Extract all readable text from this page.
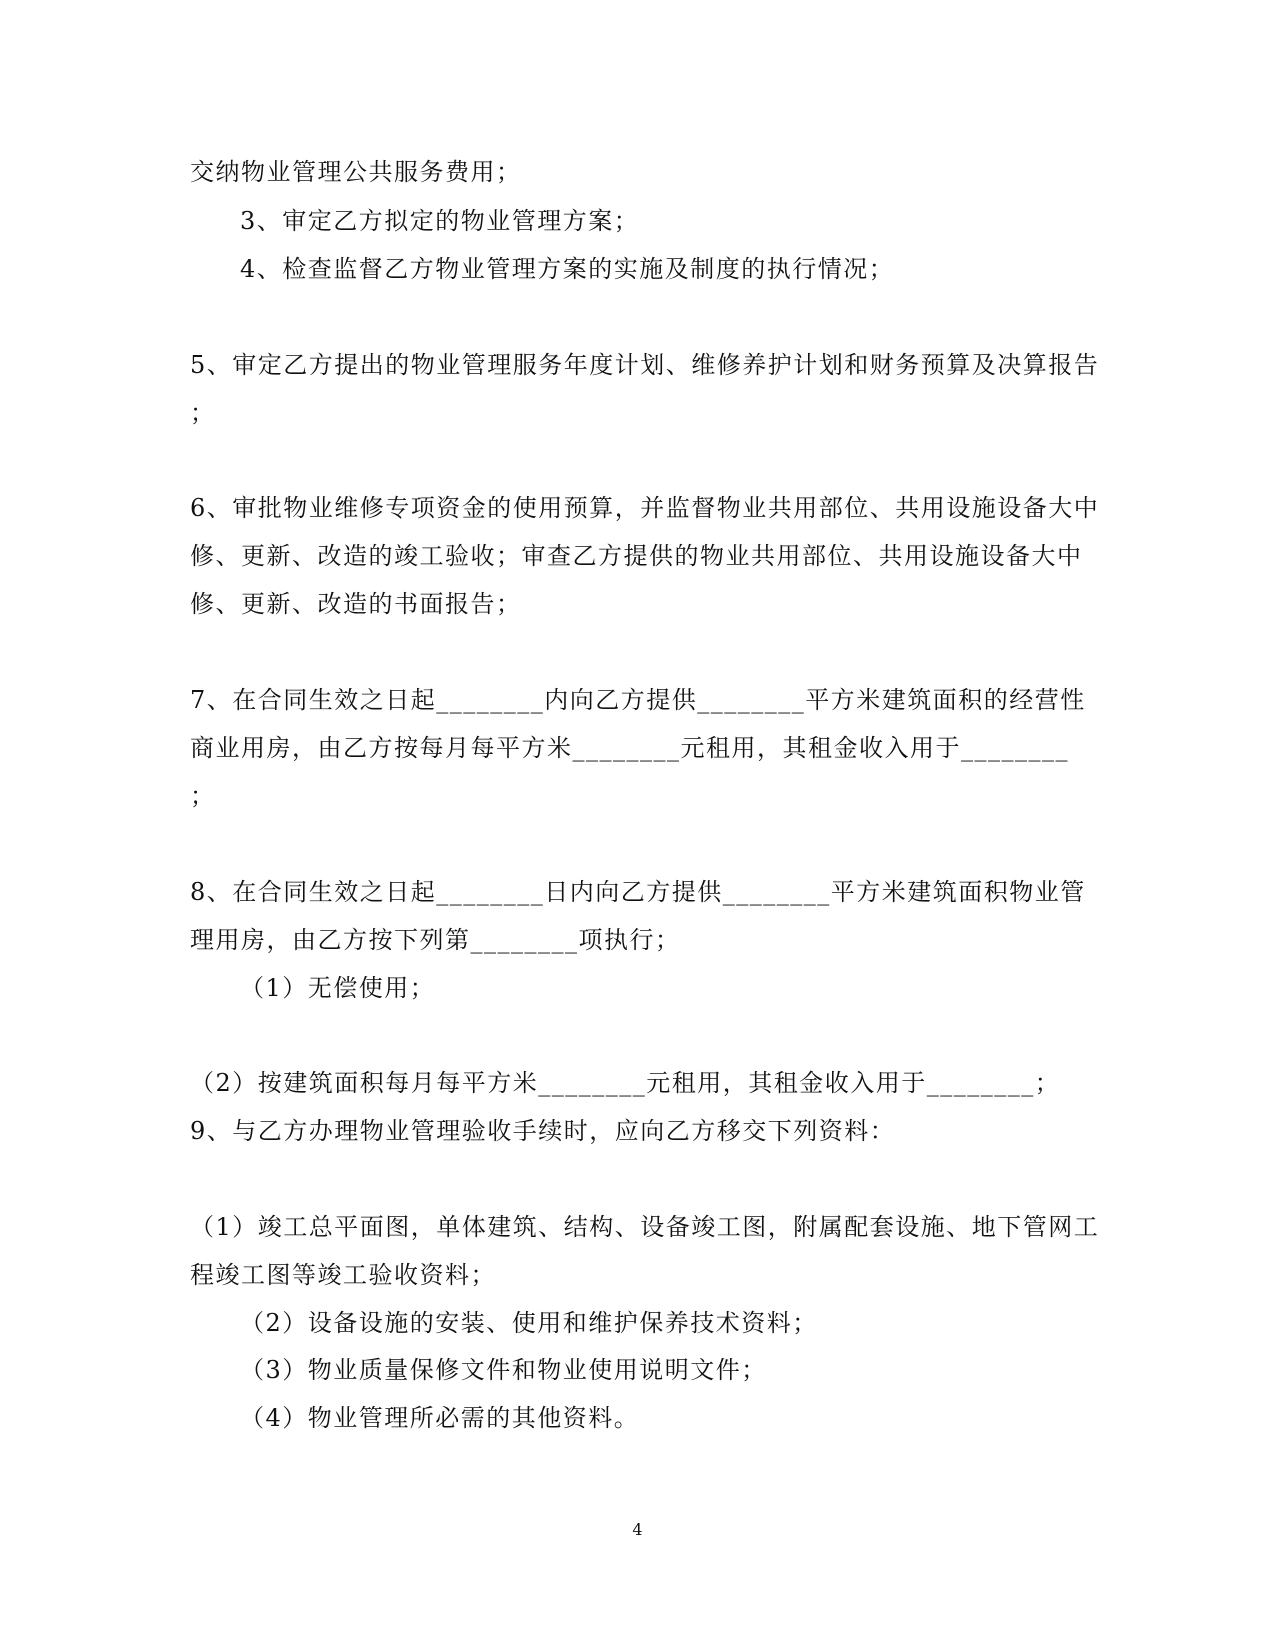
交纳物业管理公共服务费用；
3、审定乙方拟定的物业管理方案；
4、检查监督乙方物业管理方案的实施及制度的执行情况；
5、审定乙方提出的物业管理服务年度计划、维修养护计划和财务预算及决算报告
；
6、审批物业维修专项资金的使用预算，并监督物业共用部位、共用设施设备大中
修、更新、改造的竣工验收；审查乙方提供的物业共用部位、共用设施设备大中
修、更新、改造的书面报告；
7、在合同生效之日起________内向乙方提供________平方米建筑面积的经营性
商业用房，由乙方按每月每平方米________元租用，其租金收入用于________
；
8、在合同生效之日起________日内向乙方提供________平方米建筑面积物业管
理用房，由乙方按下列第________项执行；
（1）无偿使用；
（2）按建筑面积每月每平方米________元租用，其租金收入用于________；
9、与乙方办理物业管理验收手续时，应向乙方移交下列资料：
（1）竣工总平面图，单体建筑、结构、设备竣工图，附属配套设施、地下管网工
程竣工图等竣工验收资料；
（2）设备设施的安装、使用和维护保养技术资料；
（3）物业质量保修文件和物业使用说明文件；
（4）物业管理所必需的其他资料。
4
